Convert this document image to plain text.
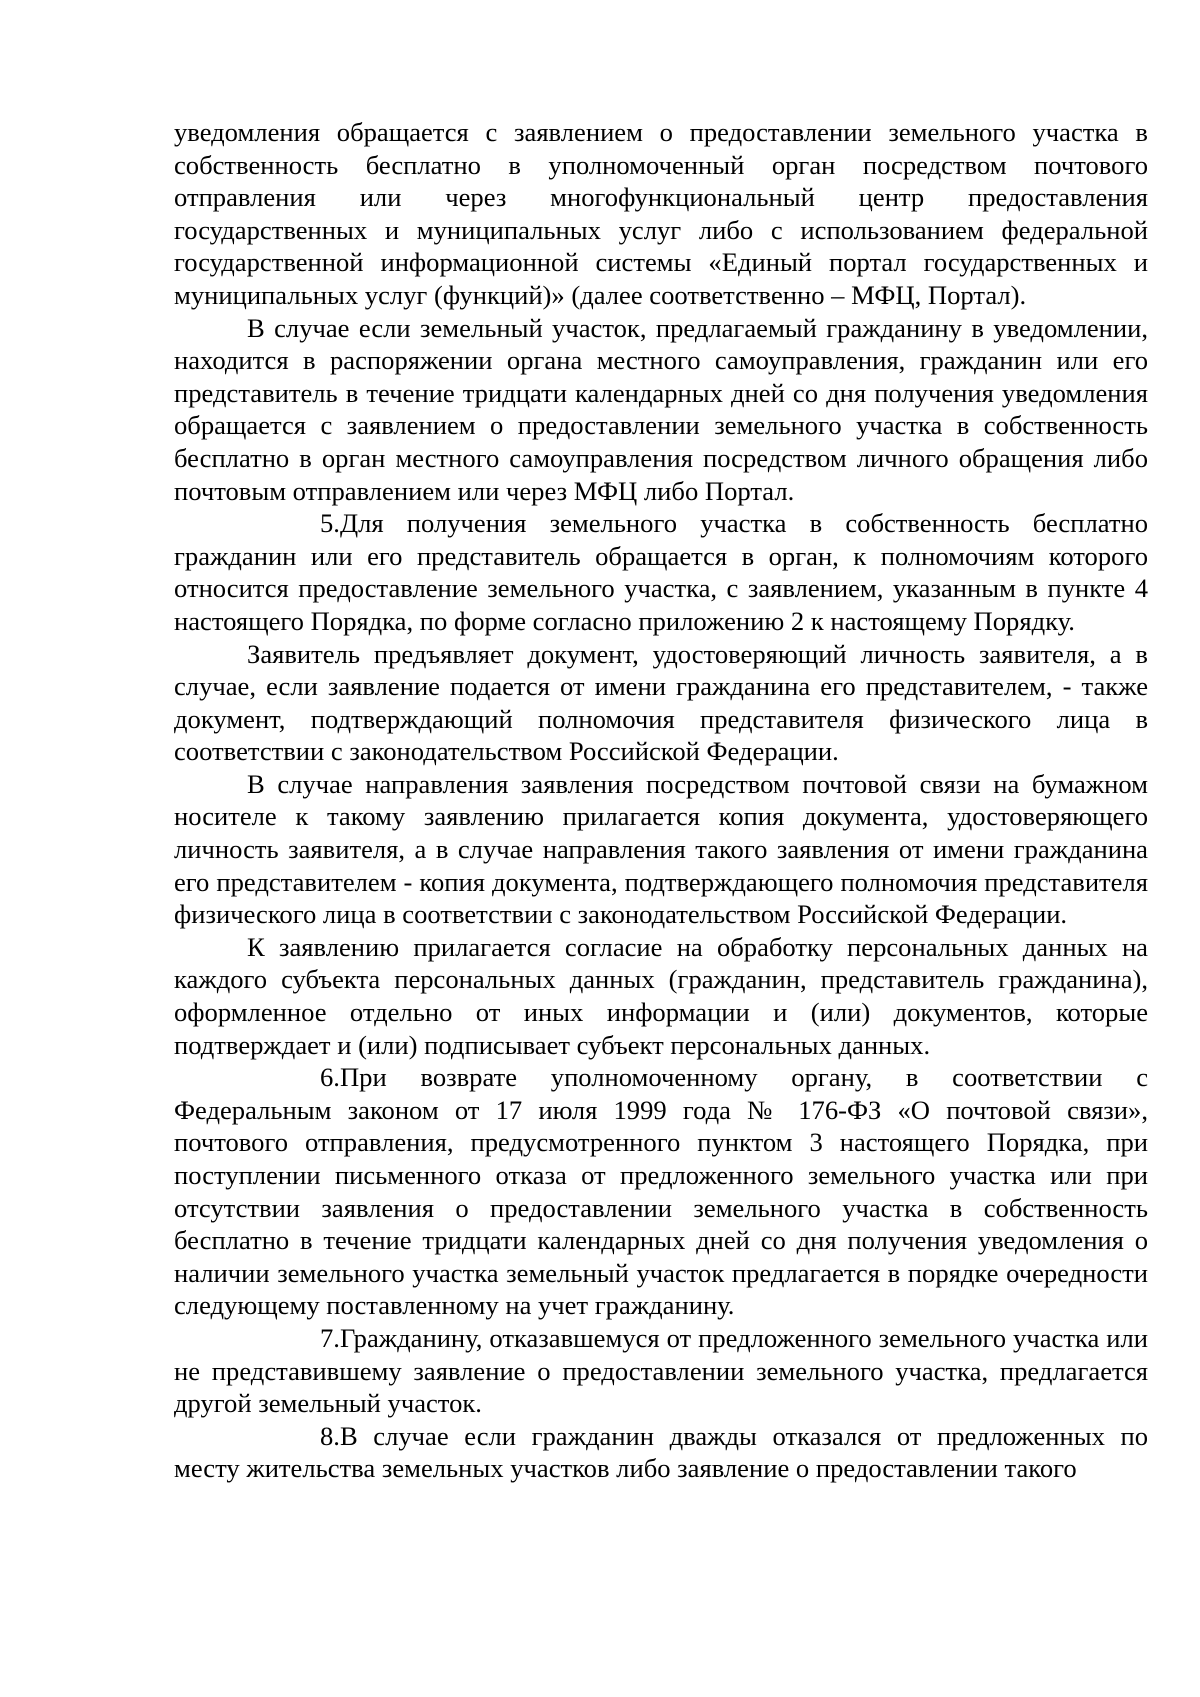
уведомления обращается с заявлением о предоставлении земельного участка в собственность бесплатно в уполномоченный орган посредством почтового отправления или через многофункциональный центр предоставления государственных и муниципальных услуг либо с использованием федеральной государственной информационной системы «Единый портал государственных и муниципальных услуг (функций)» (далее соответственно – МФЦ, Портал).

В случае если земельный участок, предлагаемый гражданину в уведомлении, находится в распоряжении органа местного самоуправления, гражданин или его представитель в течение тридцати календарных дней со дня получения уведомления обращается с заявлением о предоставлении земельного участка в собственность бесплатно в орган местного самоуправления посредством личного обращения либо почтовым отправлением или через МФЦ либо Портал.

5.Для получения земельного участка в собственность бесплатно гражданин или его представитель обращается в орган, к полномочиям которого относится предоставление земельного участка, с заявлением, указанным в пункте 4 настоящего Порядка, по форме согласно приложению 2 к настоящему Порядку.

Заявитель предъявляет документ, удостоверяющий личность заявителя, а в случае, если заявление подается от имени гражданина его представителем, - также документ, подтверждающий полномочия представителя физического лица в соответствии с законодательством Российской Федерации.

В случае направления заявления посредством почтовой связи на бумажном носителе к такому заявлению прилагается копия документа, удостоверяющего личность заявителя, а в случае направления такого заявления от имени гражданина его представителем - копия документа, подтверждающего полномочия представителя физического лица в соответствии с законодательством Российской Федерации.

К заявлению прилагается согласие на обработку персональных данных на каждого субъекта персональных данных (гражданин, представитель гражданина), оформленное отдельно от иных информации и (или) документов, которые подтверждает и (или) подписывает субъект персональных данных.

6.При возврате уполномоченному органу, в соответствии с Федеральным законом от 17 июля 1999 года № 176-ФЗ «О почтовой связи», почтового отправления, предусмотренного пунктом 3 настоящего Порядка, при поступлении письменного отказа от предложенного земельного участка или при отсутствии заявления о предоставлении земельного участка в собственность бесплатно в течение тридцати календарных дней со дня получения уведомления о наличии земельного участка земельный участок предлагается в порядке очередности следующему поставленному на учет гражданину.

7.Гражданину, отказавшемуся от предложенного земельного участка или не представившему заявление о предоставлении земельного участка, предлагается другой земельный участок.

8.В случае если гражданин дважды отказался от предложенных по месту жительства земельных участков либо заявление о предоставлении такого
